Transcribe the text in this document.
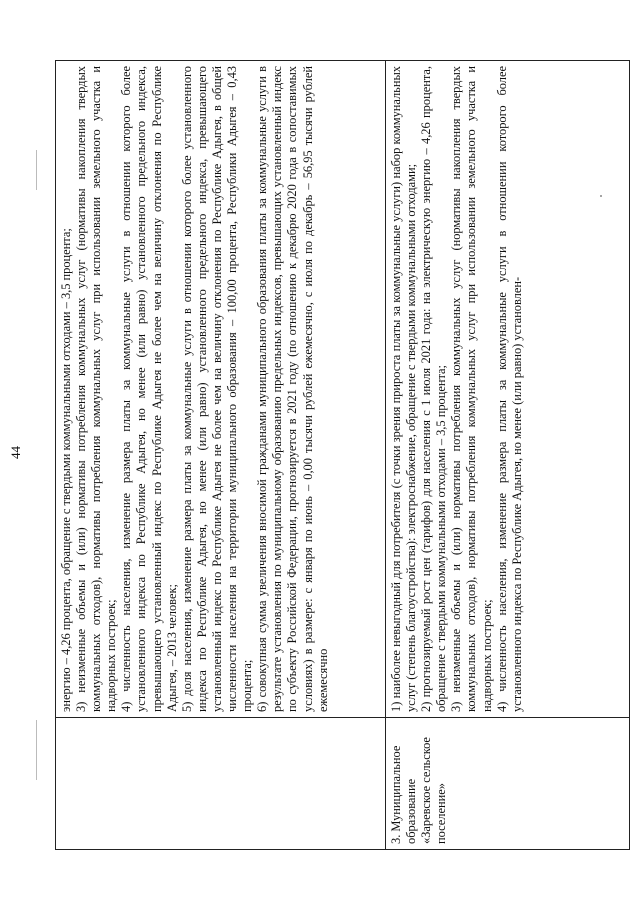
44

	энергию – 4,26 процента, обращение с твердыми коммунальными отходами – 3,5 процента; 3) неизменные объемы и (или) нормативы потребления коммунальных услуг (нормативы накопления твердых коммунальных отходов), нормативы потребления коммунальных услуг при использовании земельного участка и надворных построек; 4) численность населения, изменение размера платы за коммунальные услуги в отношении которого более установленного индекса по Республике Адыгея, но менее (или равно) установленного предельного индекса, превышающего установленный индекс по Республике Адыгея не более чем на величину отклонения по Республике Адыгея, – 2013 человек; 5) доля населения, изменение размера платы за коммунальные услуги в отношении которого более установленного индекса по Республике Адыгея, но менее (или равно) установленного предельного индекса, превышающего установленный индекс по Республике Адыгея не более чем на величину отклонения по Республике Адыгея, в общей численности населения на территории муниципального образования – 100,00 процента, Республики Адыгея – 0,43 процента; 6) совокупная сумма увеличения вносимой гражданами муниципального образования платы за коммунальные услуги в результате установления по муниципальному образованию предельных индексов, превышающих установленный индекс по субъекту Российской Федерации, прогнозируется в 2021 году (по отношению к декабрю 2020 года в сопоставимых условиях) в размере: с января по июнь – 0,00 тысячи рублей ежемесячно, с июля по декабрь – 56,95 тысячи рублей ежемесячно

3. Муниципальное образование «Заревское сельское поселение»	1) наиболее невыгодный для потребителя (с точки зрения прироста платы за коммунальные услуги) набор коммунальных услуг (степень благоустройства): электроснабжение, обращение с твердыми коммунальными отходами; 2) прогнозируемый рост цен (тарифов) для населения с 1 июля 2021 года: на электрическую энергию – 4,26 процента, обращение с твердыми коммунальными отходами – 3,5 процента; 3) неизменные объемы и (или) нормативы потребления коммунальных услуг (нормативы накопления твердых коммунальных отходов), нормативы потребления коммунальных услуг при использовании земельного участка и надворных построек; 4) численность населения, изменение размера платы за коммунальные услуги в отношении которого более установленного индекса по Республике Адыгея, но менее (или равно) установлен-
